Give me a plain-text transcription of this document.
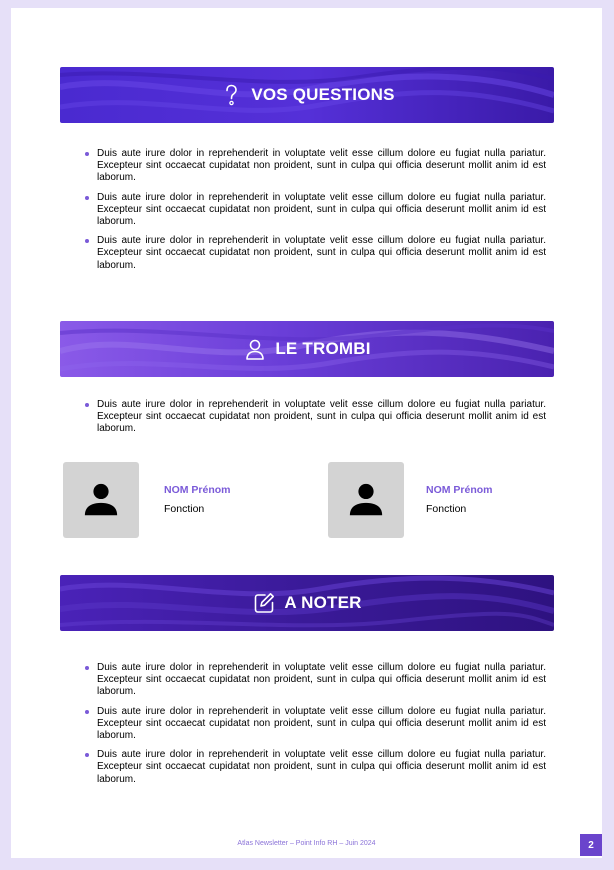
VOS QUESTIONS
Duis aute irure dolor in reprehenderit in voluptate velit esse cillum dolore eu fugiat nulla pariatur. Excepteur sint occaecat cupidatat non proident, sunt in culpa qui officia deserunt mollit anim id est laborum.
Duis aute irure dolor in reprehenderit in voluptate velit esse cillum dolore eu fugiat nulla pariatur. Excepteur sint occaecat cupidatat non proident, sunt in culpa qui officia deserunt mollit anim id est laborum.
Duis aute irure dolor in reprehenderit in voluptate velit esse cillum dolore eu fugiat nulla pariatur. Excepteur sint occaecat cupidatat non proident, sunt in culpa qui officia deserunt mollit anim id est laborum.
LE TROMBI
Duis aute irure dolor in reprehenderit in voluptate velit esse cillum dolore eu fugiat nulla pariatur. Excepteur sint occaecat cupidatat non proident, sunt in culpa qui officia deserunt mollit anim id est laborum.
NOM Prénom
Fonction
NOM Prénom
Fonction
A NOTER
Duis aute irure dolor in reprehenderit in voluptate velit esse cillum dolore eu fugiat nulla pariatur. Excepteur sint occaecat cupidatat non proident, sunt in culpa qui officia deserunt mollit anim id est laborum.
Duis aute irure dolor in reprehenderit in voluptate velit esse cillum dolore eu fugiat nulla pariatur. Excepteur sint occaecat cupidatat non proident, sunt in culpa qui officia deserunt mollit anim id est laborum.
Duis aute irure dolor in reprehenderit in voluptate velit esse cillum dolore eu fugiat nulla pariatur. Excepteur sint occaecat cupidatat non proident, sunt in culpa qui officia deserunt mollit anim id est laborum.
Atlas Newsletter – Point Info RH – Juin 2024	2
